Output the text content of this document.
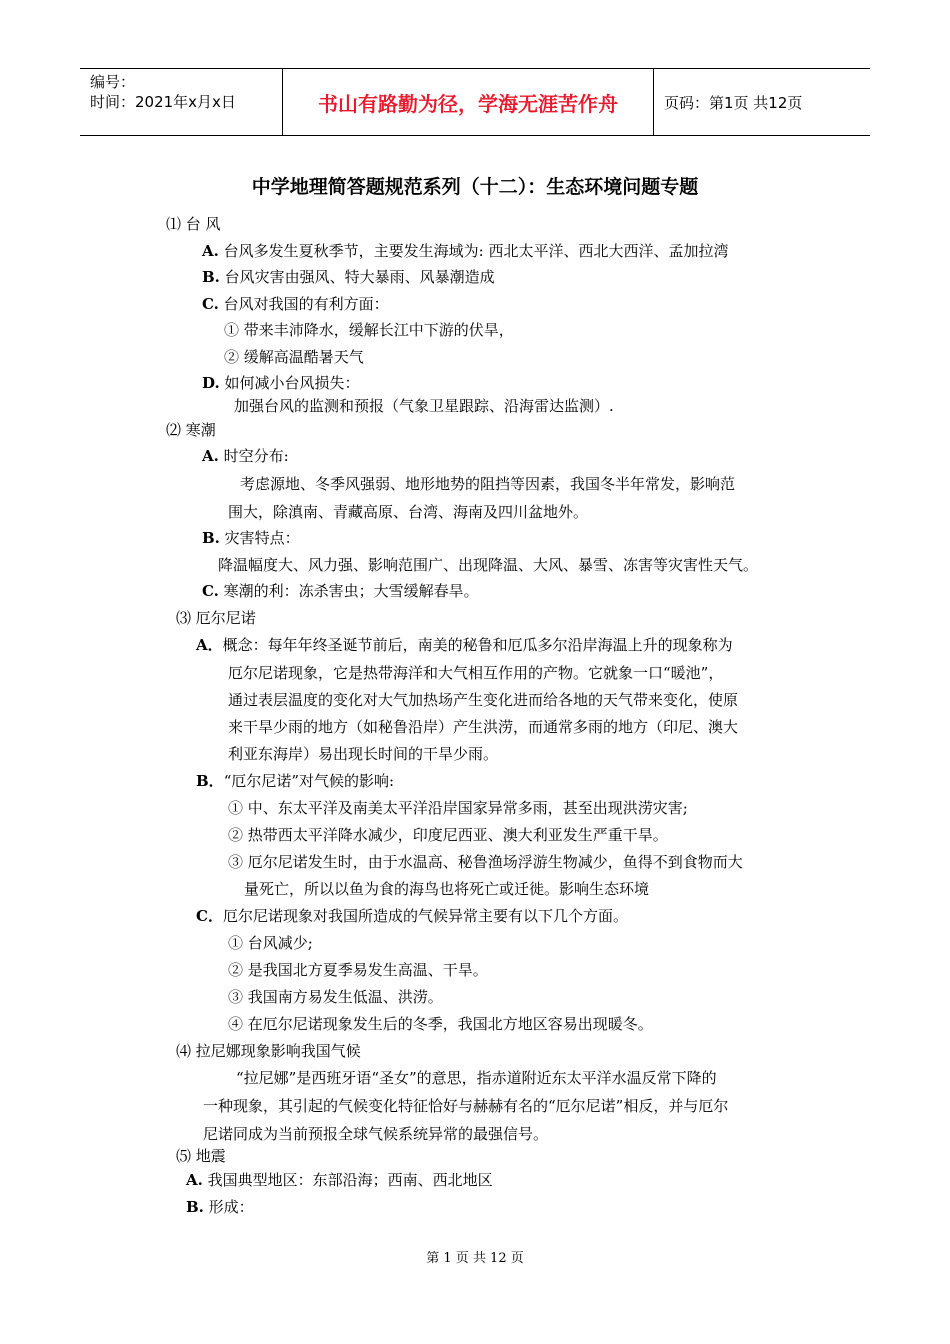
编号：
时间：2021年x月x日	书山有路勤为径，学海无涯苦作舟	页码：第1页 共12页
中学地理简答题规范系列（十二）：生态环境问题专题
⑴ 台 风
A. 台风多发生夏秋季节，主要发生海域为: 西北太平洋、西北大西洋、孟加拉湾
B. 台风灾害由强风、特大暴雨、风暴潮造成
C. 台风对我国的有利方面：
① 带来丰沛降水，缓解长江中下游的伏旱，
② 缓解高温酷暑天气
D. 如何减小台风损失：
加强台风的监测和预报（气象卫星跟踪、沿海雷达监测）.
⑵ 寒潮
A. 时空分布:
考虑源地、冬季风强弱、地形地势的阻挡等因素，我国冬半年常发，影响范
围大，除滇南、青藏高原、台湾、海南及四川盆地外。
B. 灾害特点：
降温幅度大、风力强、影响范围广、出现降温、大风、暴雪、冻害等灾害性天气。
C. 寒潮的利：冻杀害虫；大雪缓解春旱。
⑶ 厄尔尼诺
A．概念：每年年终圣诞节前后，南美的秘鲁和厄瓜多尔沿岸海温上升的现象称为
厄尔尼诺现象，它是热带海洋和大气相互作用的产物。它就象一口“暖池”，
通过表层温度的变化对大气加热场产生变化进而给各地的天气带来变化，使原
来干旱少雨的地方（如秘鲁沿岸）产生洪涝，而通常多雨的地方（印尼、澳大
利亚东海岸）易出现长时间的干旱少雨。
B．“厄尔尼诺”对气候的影响:
① 中、东太平洋及南美太平洋沿岸国家异常多雨，甚至出现洪涝灾害;
② 热带西太平洋降水减少，印度尼西亚、澳大利亚发生严重干旱。
③ 厄尔尼诺发生时，由于水温高、秘鲁渔场浮游生物减少，鱼得不到食物而大
量死亡，所以以鱼为食的海鸟也将死亡或迁徙。影响生态环境
C．厄尔尼诺现象对我国所造成的气候异常主要有以下几个方面。
① 台风减少;
② 是我国北方夏季易发生高温、干旱。
③ 我国南方易发生低温、洪涝。
④ 在厄尔尼诺现象发生后的冬季，我国北方地区容易出现暖冬。
⑷ 拉尼娜现象影响我国气候
“拉尼娜”是西班牙语“圣女”的意思，指赤道附近东太平洋水温反常下降的
一种现象，其引起的气候变化特征恰好与赫赫有名的“厄尔尼诺”相反，并与厄尔
尼诺同成为当前预报全球气候系统异常的最强信号。
⑸ 地震
A. 我国典型地区：东部沿海；西南、西北地区
B. 形成：
第 1 页 共 12 页
